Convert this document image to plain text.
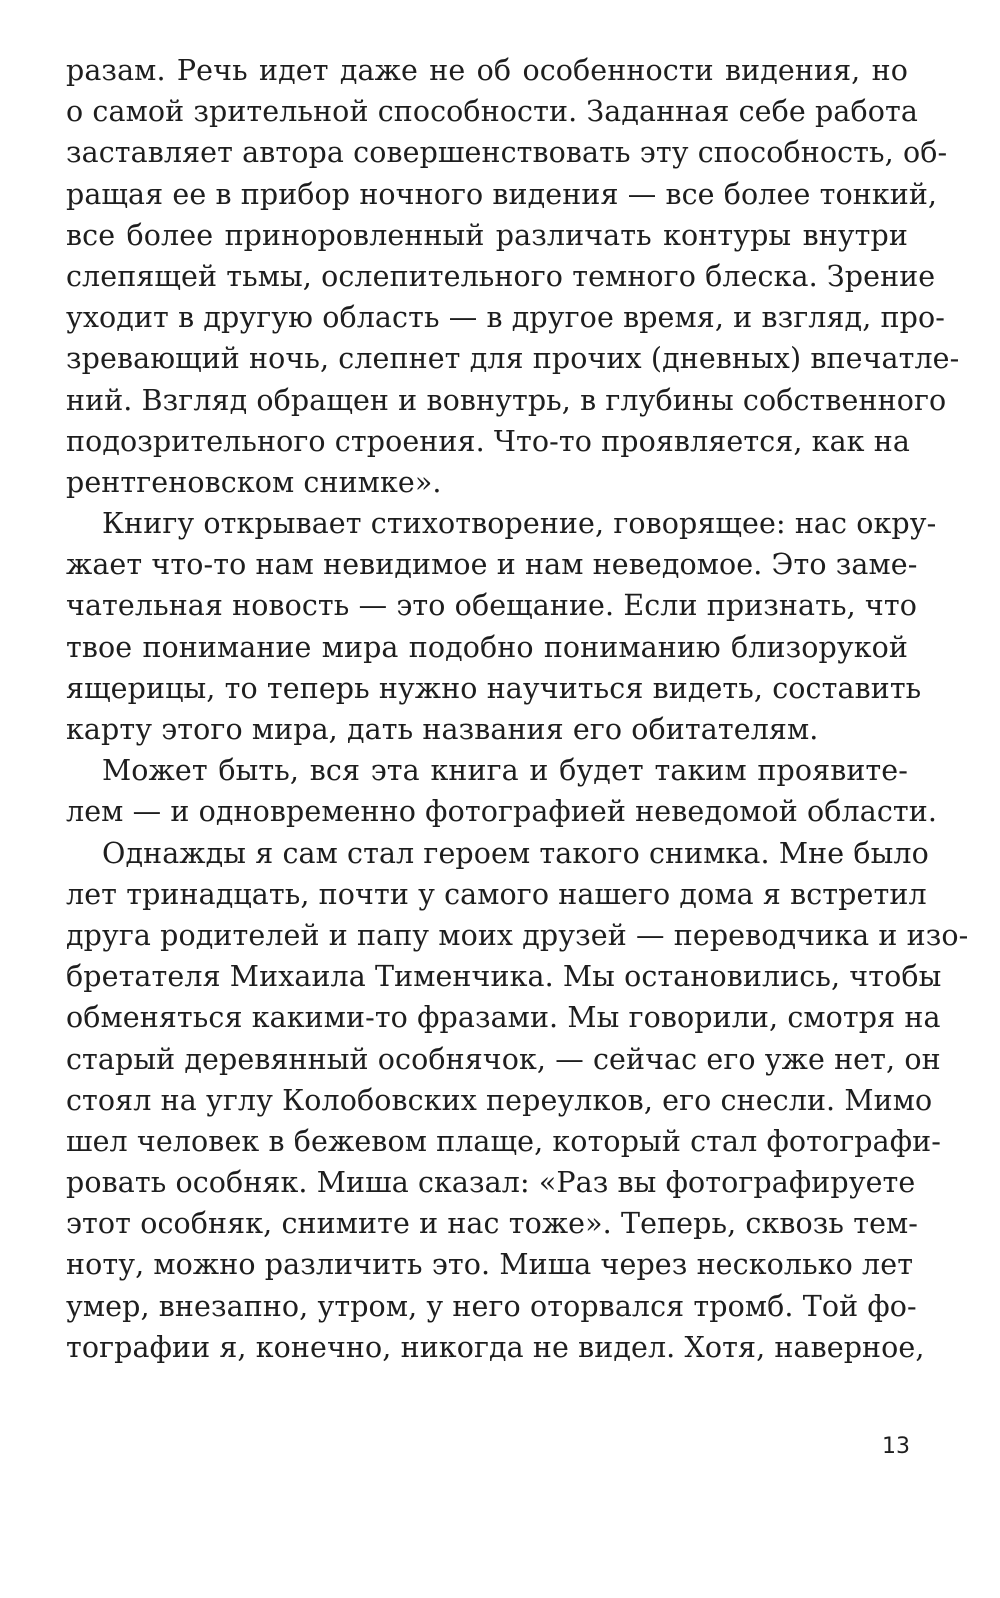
разам. Речь идет даже не об особенности видения, но
о самой зрительной способности. Заданная себе работа
заставляет автора совершенствовать эту способность, об-
ращая ее в прибор ночного видения — все более тонкий,
все более приноровленный различать контуры внутри
слепящей тьмы, ослепительного темного блеска. Зрение
уходит в другую область — в другое время, и взгляд, про-
зревающий ночь, слепнет для прочих (дневных) впечатле-
ний. Взгляд обращен и вовнутрь, в глубины собственного
подозрительного строения. Что-то проявляется, как на
рентгеновском снимке».
Книгу открывает стихотворение, говорящее: нас окру-
жает что-то нам невидимое и нам неведомое. Это заме-
чательная новость — это обещание. Если признать, что
твое понимание мира подобно пониманию близорукой
ящерицы, то теперь нужно научиться видеть, составить
карту этого мира, дать названия его обитателям.
Может быть, вся эта книга и будет таким проявите-
лем — и одновременно фотографией неведомой области.
Однажды я сам стал героем такого снимка. Мне было
лет тринадцать, почти у самого нашего дома я встретил
друга родителей и папу моих друзей — переводчика и изо-
бретателя Михаила Тименчика. Мы остановились, чтобы
обменяться какими-то фразами. Мы говорили, смотря на
старый деревянный особнячок, — сейчас его уже нет, он
стоял на углу Колобовских переулков, его снесли. Мимо
шел человек в бежевом плаще, который стал фотографи-
ровать особняк. Миша сказал: «Раз вы фотографируете
этот особняк, снимите и нас тоже». Теперь, сквозь тем-
ноту, можно различить это. Миша через несколько лет
умер, внезапно, утром, у него оторвался тромб. Той фо-
тографии я, конечно, никогда не видел. Хотя, наверное,
13
